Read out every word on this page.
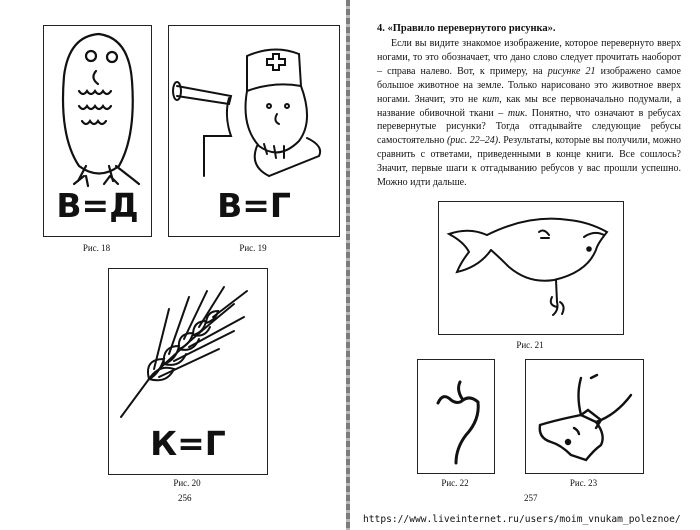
В=Д
Рис. 18
В=Г
Рис. 19
К=Г
Рис. 20
256
4. «Правило перевернутого рисунка».

Если вы видите знакомое изображение, которое перевернуто вверх ногами, то это обозначает, что дано слово следует прочитать наоборот – справа налево. Вот, к примеру, на рисунке 21 изображено самое большое животное на земле. Только нарисовано это животное вверх ногами. Значит, это не кит, как мы все первоначально подумали, а название обивочной ткани – тик. Понятно, что означают в ребусах перевернутые рисунки? Тогда отгадывайте следующие ребусы самостоятельно (рис. 22–24). Результаты, которые вы получили, можно сравнить с ответами, приведенными в конце книги. Все сошлось? Значит, первые шаги к отгадыванию ребусов у вас прошли успешно. Можно идти дальше.

Рис. 21
Рис. 22	Рис. 23
257
https://www.liveinternet.ru/users/moim_vnukam_poleznoe/
